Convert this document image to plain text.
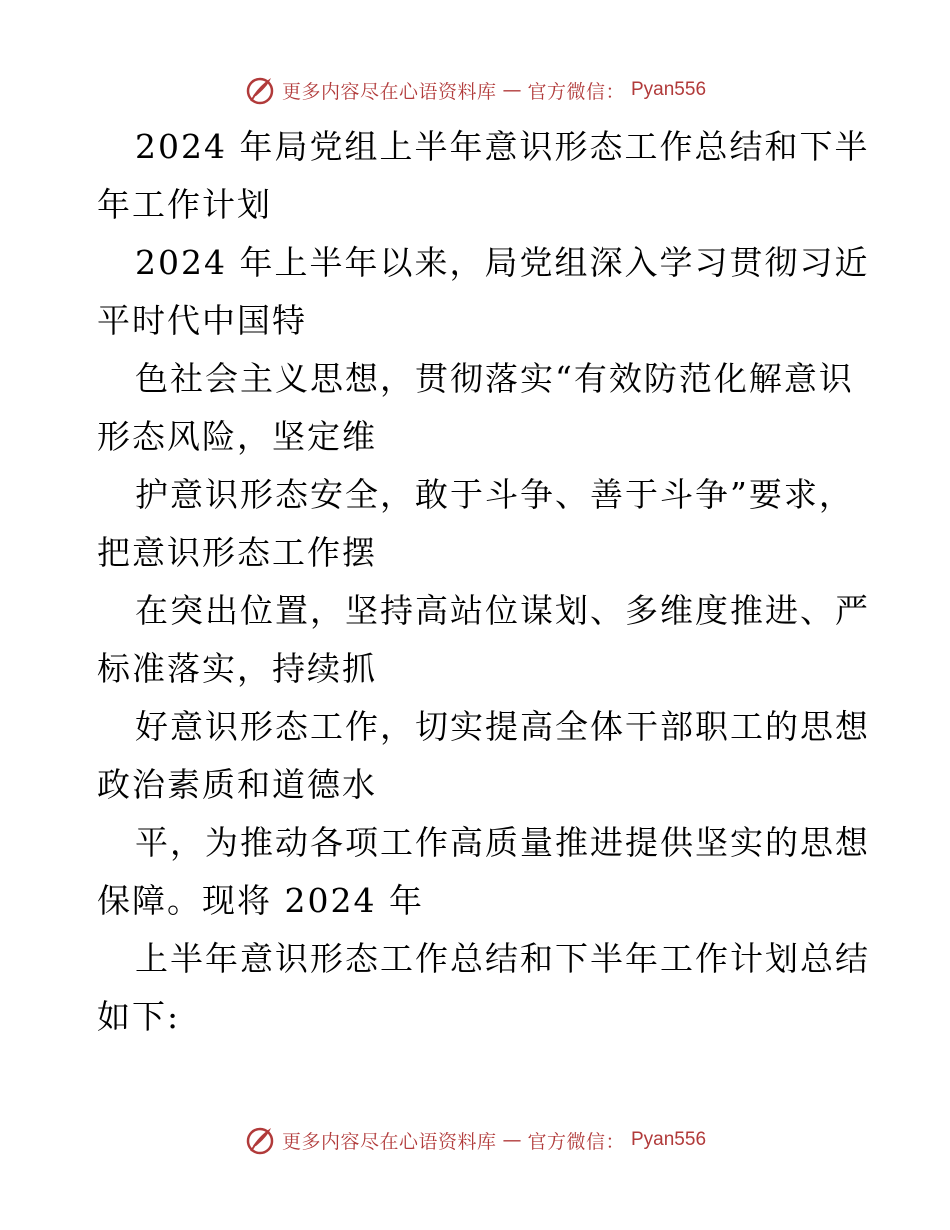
更多内容尽在心语资料库 — 官方微信： Pyan556
2024 年局党组上半年意识形态工作总结和下半
年工作计划
2024 年上半年以来，局党组深入学习贯彻习近
平时代中国特
色社会主义思想，贯彻落实“有效防范化解意识
形态风险，坚定维
护意识形态安全，敢于斗争、善于斗争”要求，
把意识形态工作摆
在突出位置，坚持高站位谋划、多维度推进、严
标准落实，持续抓
好意识形态工作，切实提高全体干部职工的思想
政治素质和道德水
平，为推动各项工作高质量推进提供坚实的思想
保障。现将 2024 年
上半年意识形态工作总结和下半年工作计划总结
如下:
更多内容尽在心语资料库 — 官方微信： Pyan556
